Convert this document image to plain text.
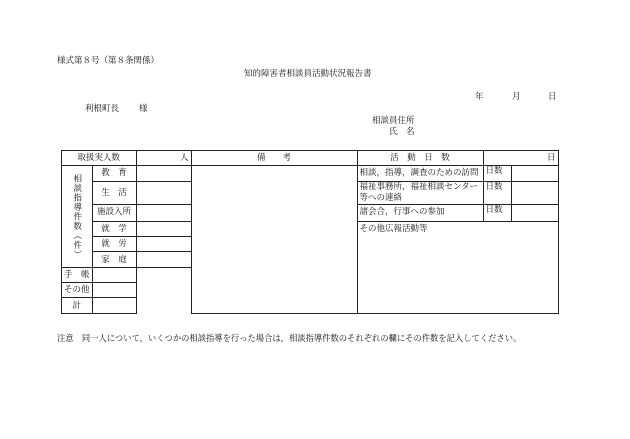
様式第８号（第８条関係）
知的障害者相談員活動状況報告書
年	月	日
利根町長 様
相談員住所
氏　名
取扱実人数		人	備　　考	活　動　日　数	日	
相談指導件数（件）	教　育			相談，指導，調査のための訪問	日数	

	生　活			福祉事務所，福祉相談センター等への連絡	日数	

	施設入所			諸会合，行事への参加	日数	

	就　学			その他広報活動等		
	就　労					
	家　庭					
手　帳						
その他						
計						
注意　同一人について，いくつかの相談指導を行った場合は，相談指導件数のそれぞれの欄にその件数を記入してください。
